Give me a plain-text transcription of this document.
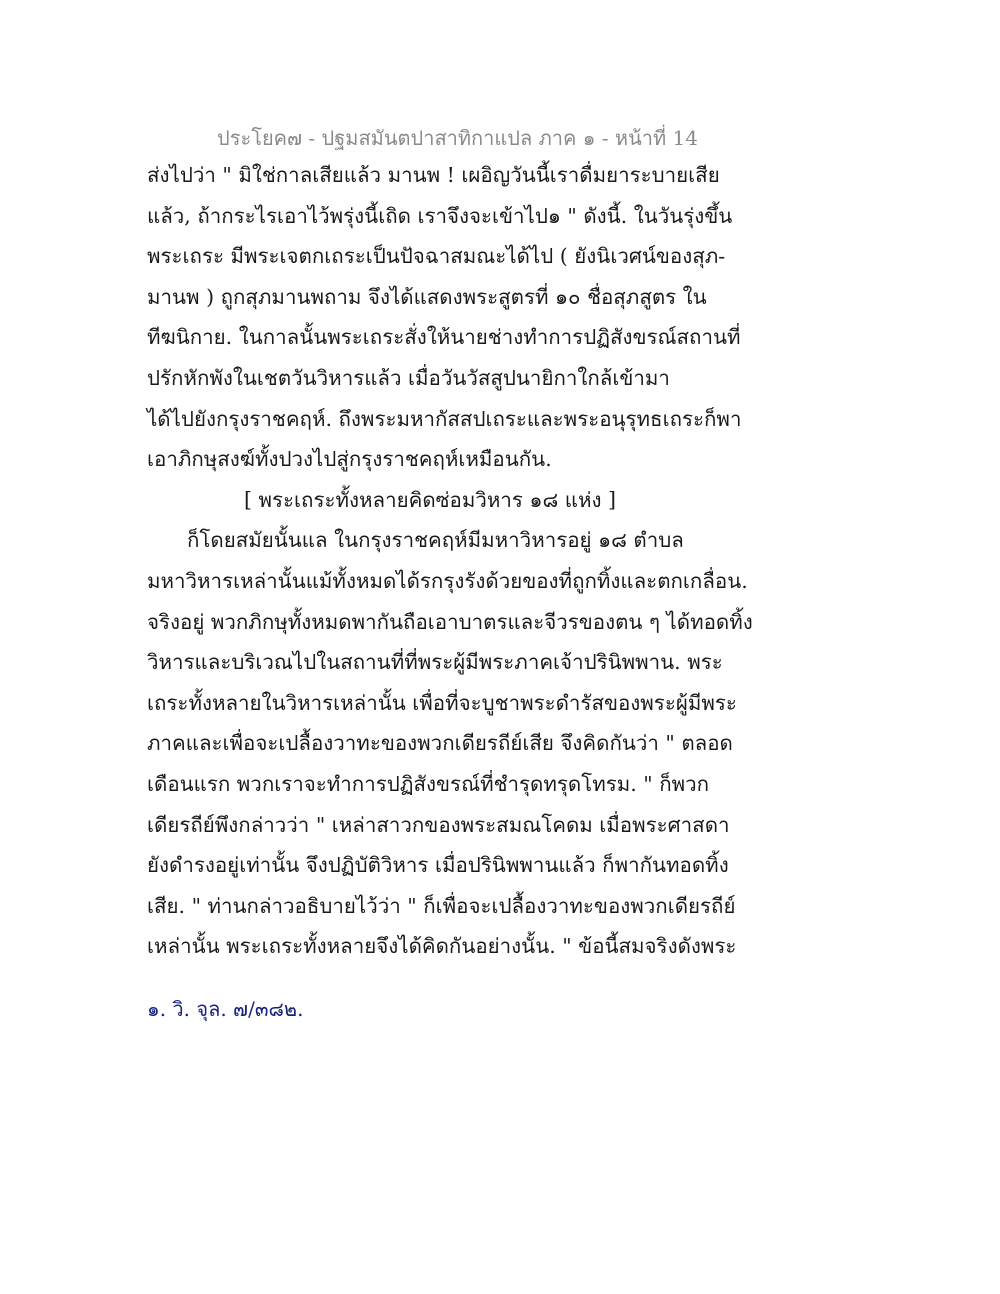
ประโยค๗ - ปฐมสมันตปาสาทิกาแปล ภาค ๑ - หน้าที่ 14
ส่งไปว่า " มิใช่กาลเสียแล้ว มานพ ! เผอิญวันนี้เราดื่มยาระบายเสีย
แล้ว, ถ้ากระไรเอาไว้พรุ่งนี้เถิด เราจึงจะเข้าไป๑ " ดังนี้. ในวันรุ่งขึ้น
พระเถระ มีพระเจตกเถระเป็นปัจฉาสมณะได้ไป ( ยังนิเวศน์ของสุภ-
มานพ ) ถูกสุภมานพถาม จึงได้แสดงพระสูตรที่ ๑๐ ชื่อสุภสูตร ใน
ทีฆนิกาย. ในกาลนั้นพระเถระสั่งให้นายช่างทำการปฏิสังขรณ์สถานที่
ปรักหักพังในเชตวันวิหารแล้ว เมื่อวันวัสสูปนายิกาใกล้เข้ามา
ได้ไปยังกรุงราชคฤห์. ถึงพระมหากัสสปเถระและพระอนุรุทธเถระก็พา
เอาภิกษุสงฆ์ทั้งปวงไปสู่กรุงราชคฤห์เหมือนกัน.
[ พระเถระทั้งหลายคิดซ่อมวิหาร ๑๘ แห่ง ]
ก็โดยสมัยนั้นแล ในกรุงราชคฤห์มีมหาวิหารอยู่ ๑๘ ตำบล
มหาวิหารเหล่านั้นแม้ทั้งหมดได้รกรุงรังด้วยของที่ถูกทิ้งและตกเกลื่อน.
จริงอยู่ พวกภิกษุทั้งหมดพากันถือเอาบาตรและจีวรของตน ๆ ได้ทอดทิ้ง
วิหารและบริเวณไปในสถานที่ที่พระผู้มีพระภาคเจ้าปรินิพพาน. พระ
เถระทั้งหลายในวิหารเหล่านั้น เพื่อที่จะบูชาพระดำรัสของพระผู้มีพระ
ภาคและเพื่อจะเปลื้องวาทะของพวกเดียรถีย์เสีย จึงคิดกันว่า " ตลอด
เดือนแรก พวกเราจะทำการปฏิสังขรณ์ที่ชำรุดทรุดโทรม. " ก็พวก
เดียรถีย์พึงกล่าวว่า " เหล่าสาวกของพระสมณโคดม เมื่อพระศาสดา
ยังดำรงอยู่เท่านั้น จึงปฏิบัติวิหาร เมื่อปรินิพพานแล้ว ก็พากันทอดทิ้ง
เสีย. " ท่านกล่าวอธิบายไว้ว่า " ก็เพื่อจะเปลื้องวาทะของพวกเดียรถีย์
เหล่านั้น พระเถระทั้งหลายจึงได้คิดกันอย่างนั้น. " ข้อนี้สมจริงดังพระ
๑. วิ. จุล. ๗/๓๘๒.
